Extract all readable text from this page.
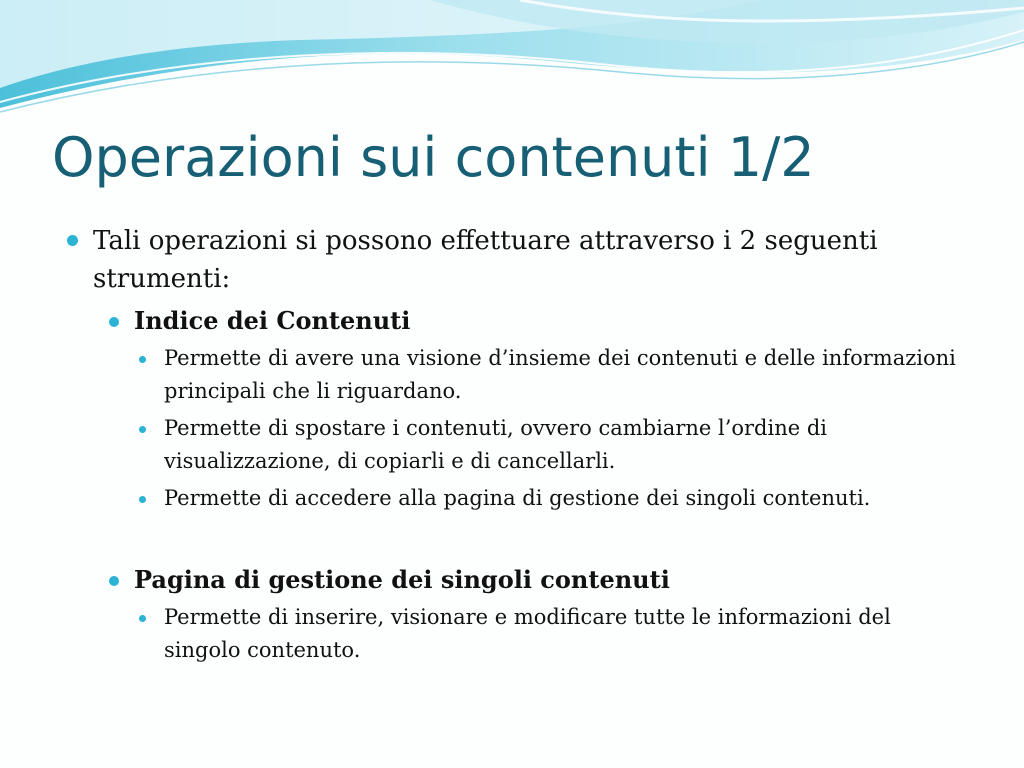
Operazioni sui contenuti 1/2
Tali operazioni si possono effettuare attraverso i 2 seguenti strumenti:
Indice dei Contenuti
Permette di avere una visione d’insieme dei contenuti e delle informazioni principali che li riguardano.
Permette di spostare i contenuti, ovvero cambiarne l’ordine di visualizzazione, di copiarli e di cancellarli.
Permette di accedere alla pagina di gestione dei singoli contenuti.
Pagina di gestione dei singoli contenuti
Permette di inserire, visionare e modificare tutte le informazioni del singolo contenuto.
